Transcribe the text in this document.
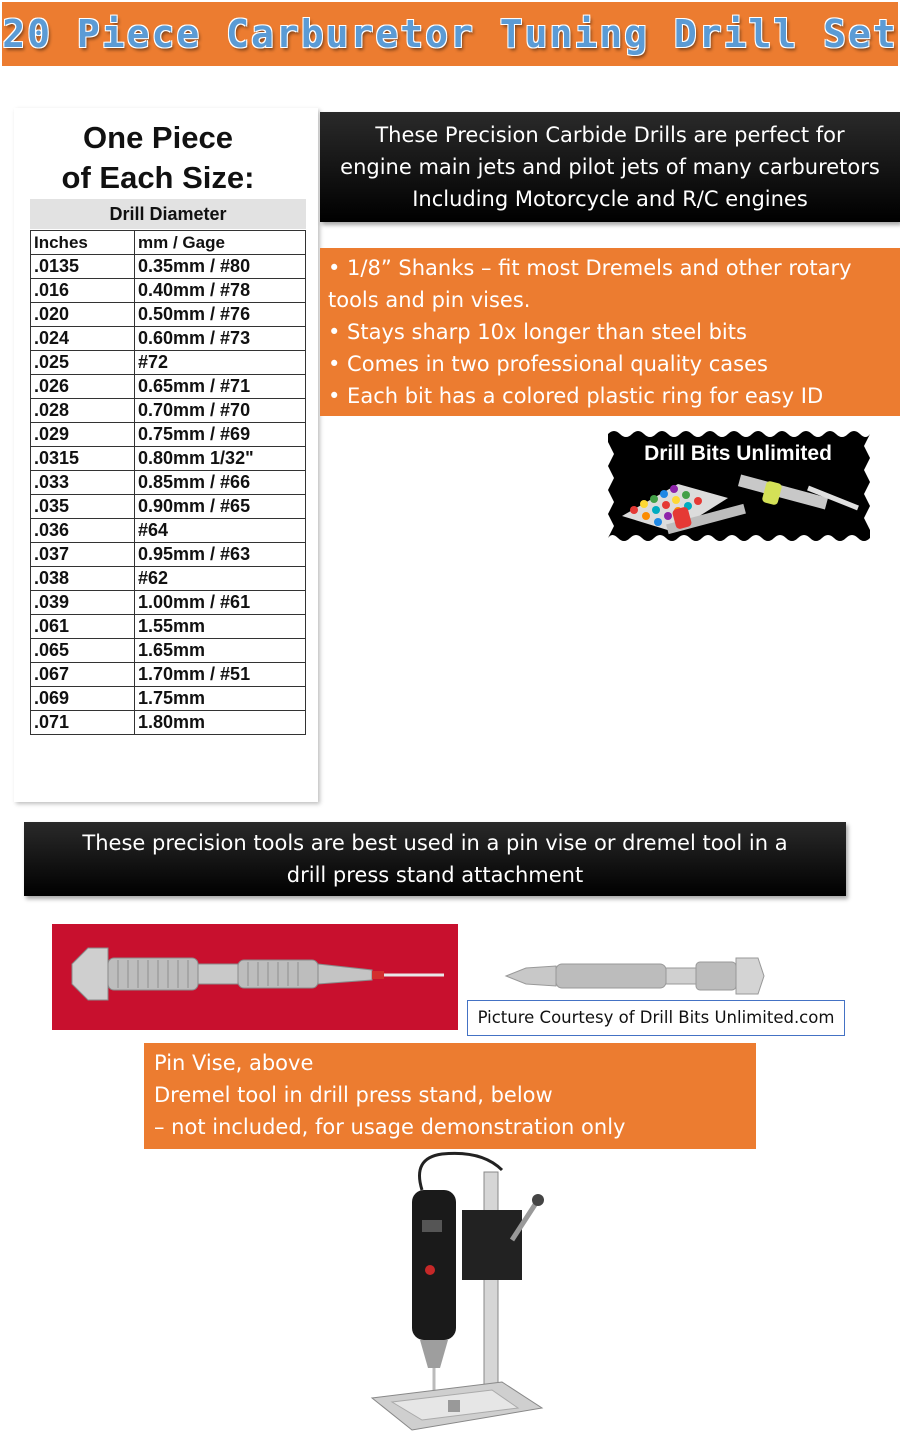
20 Piece Carburetor Tuning Drill Set
One Piece
of Each Size:
Drill Diameter
Inches	mm / Gage
.0135	0.35mm / #80
.016	0.40mm / #78
.020	0.50mm / #76
.024	0.60mm / #73
.025	#72
.026	0.65mm / #71
.028	0.70mm / #70
.029	0.75mm / #69
.0315	0.80mm 1/32"
.033	0.85mm / #66
.035	0.90mm / #65
.036	#64
.037	0.95mm / #63
.038	#62
.039	1.00mm / #61
.061	1.55mm
.065	1.65mm
.067	1.70mm / #51
.069	1.75mm
.071	1.80mm
These Precision Carbide Drills are perfect for
engine main jets and pilot jets of many carburetors
Including Motorcycle and R/C engines
• 1/8” Shanks – fit most Dremels and other rotary
tools and pin vises.
• Stays sharp 10x longer than steel bits
• Comes in two professional quality cases
• Each bit has a colored plastic ring for easy ID
Drill Bits Unlimited
These precision tools are best used in a pin vise or dremel tool in a
drill press stand attachment
Picture Courtesy of Drill Bits Unlimited.com
Pin Vise, above
Dremel tool in drill press stand, below
– not included, for usage demonstration only
